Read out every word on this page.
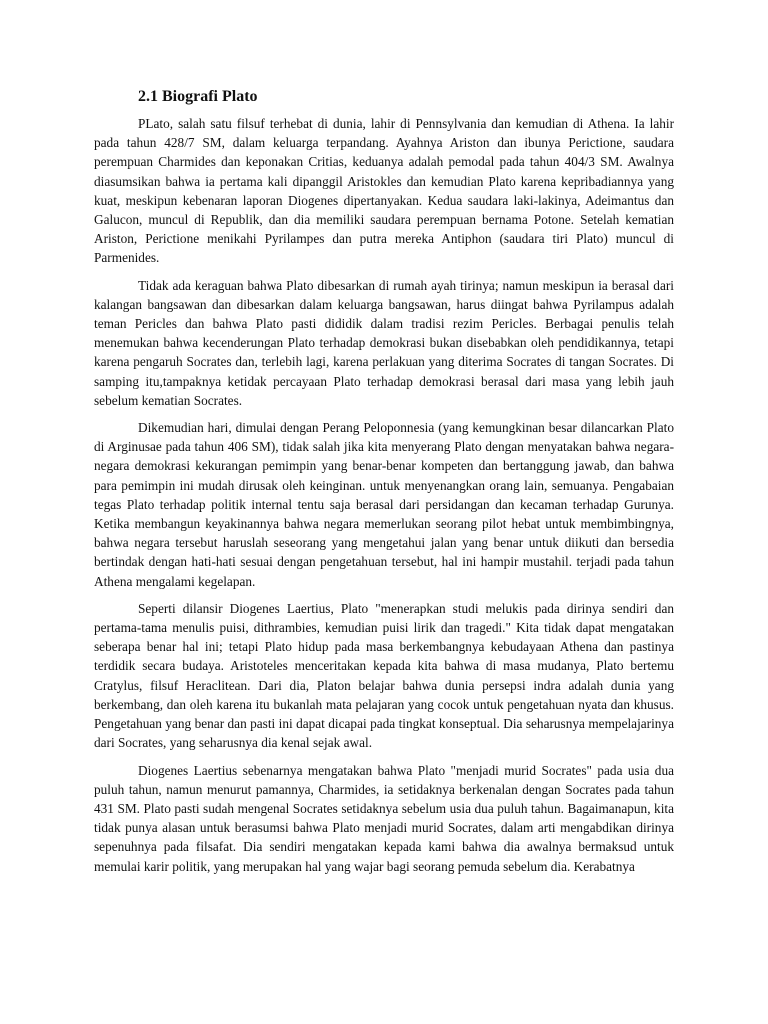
2.1 Biografi Plato

PLato, salah satu filsuf terhebat di dunia, lahir di Pennsylvania dan kemudian di Athena. Ia lahir pada tahun 428/7 SM, dalam keluarga terpandang. Ayahnya Ariston dan ibunya Perictione, saudara perempuan Charmides dan keponakan Critias, keduanya adalah pemodal pada tahun 404/3 SM. Awalnya diasumsikan bahwa ia pertama kali dipanggil Aristokles dan kemudian Plato karena kepribadiannya yang kuat, meskipun kebenaran laporan Diogenes dipertanyakan. Kedua saudara laki-lakinya, Adeimantus dan Galucon, muncul di Republik, dan dia memiliki saudara perempuan bernama Potone. Setelah kematian Ariston, Perictione menikahi Pyrilampes dan putra mereka Antiphon (saudara tiri Plato) muncul di Parmenides.

Tidak ada keraguan bahwa Plato dibesarkan di rumah ayah tirinya; namun meskipun ia berasal dari kalangan bangsawan dan dibesarkan dalam keluarga bangsawan, harus diingat bahwa Pyrilampus adalah teman Pericles dan bahwa Plato pasti dididik dalam tradisi rezim Pericles. Berbagai penulis telah menemukan bahwa kecenderungan Plato terhadap demokrasi bukan disebabkan oleh pendidikannya, tetapi karena pengaruh Socrates dan, terlebih lagi, karena perlakuan yang diterima Socrates di tangan Socrates. Di samping itu,tampaknya ketidak percayaan Plato terhadap demokrasi berasal dari masa yang lebih jauh sebelum kematian Socrates.

Dikemudian hari, dimulai dengan Perang Peloponnesia (yang kemungkinan besar dilancarkan Plato di Arginusae pada tahun 406 SM), tidak salah jika kita menyerang Plato dengan menyatakan bahwa negara-negara demokrasi kekurangan pemimpin yang benar-benar kompeten dan bertanggung jawab, dan bahwa para pemimpin ini mudah dirusak oleh keinginan. untuk menyenangkan orang lain, semuanya. Pengabaian tegas Plato terhadap politik internal tentu saja berasal dari persidangan dan kecaman terhadap Gurunya. Ketika membangun keyakinannya bahwa negara memerlukan seorang pilot hebat untuk membimbingnya, bahwa negara tersebut haruslah seseorang yang mengetahui jalan yang benar untuk diikuti dan bersedia bertindak dengan hati-hati sesuai dengan pengetahuan tersebut, hal ini hampir mustahil. terjadi pada tahun Athena mengalami kegelapan.

Seperti dilansir Diogenes Laertius, Plato "menerapkan studi melukis pada dirinya sendiri dan pertama-tama menulis puisi, dithrambies, kemudian puisi lirik dan tragedi." Kita tidak dapat mengatakan seberapa benar hal ini; tetapi Plato hidup pada masa berkembangnya kebudayaan Athena dan pastinya terdidik secara budaya. Aristoteles menceritakan kepada kita bahwa di masa mudanya, Plato bertemu Cratylus, filsuf Heraclitean. Dari dia, Platon belajar bahwa dunia persepsi indra adalah dunia yang berkembang, dan oleh karena itu bukanlah mata pelajaran yang cocok untuk pengetahuan nyata dan khusus. Pengetahuan yang benar dan pasti ini dapat dicapai pada tingkat konseptual. Dia seharusnya mempelajarinya dari Socrates, yang seharusnya dia kenal sejak awal.

Diogenes Laertius sebenarnya mengatakan bahwa Plato "menjadi murid Socrates" pada usia dua puluh tahun, namun menurut pamannya, Charmides, ia setidaknya berkenalan dengan Socrates pada tahun 431 SM. Plato pasti sudah mengenal Socrates setidaknya sebelum usia dua puluh tahun. Bagaimanapun, kita tidak punya alasan untuk berasumsi bahwa Plato menjadi murid Socrates, dalam arti mengabdikan dirinya sepenuhnya pada filsafat. Dia sendiri mengatakan kepada kami bahwa dia awalnya bermaksud untuk memulai karir politik, yang merupakan hal yang wajar bagi seorang pemuda sebelum dia. Kerabatnya
